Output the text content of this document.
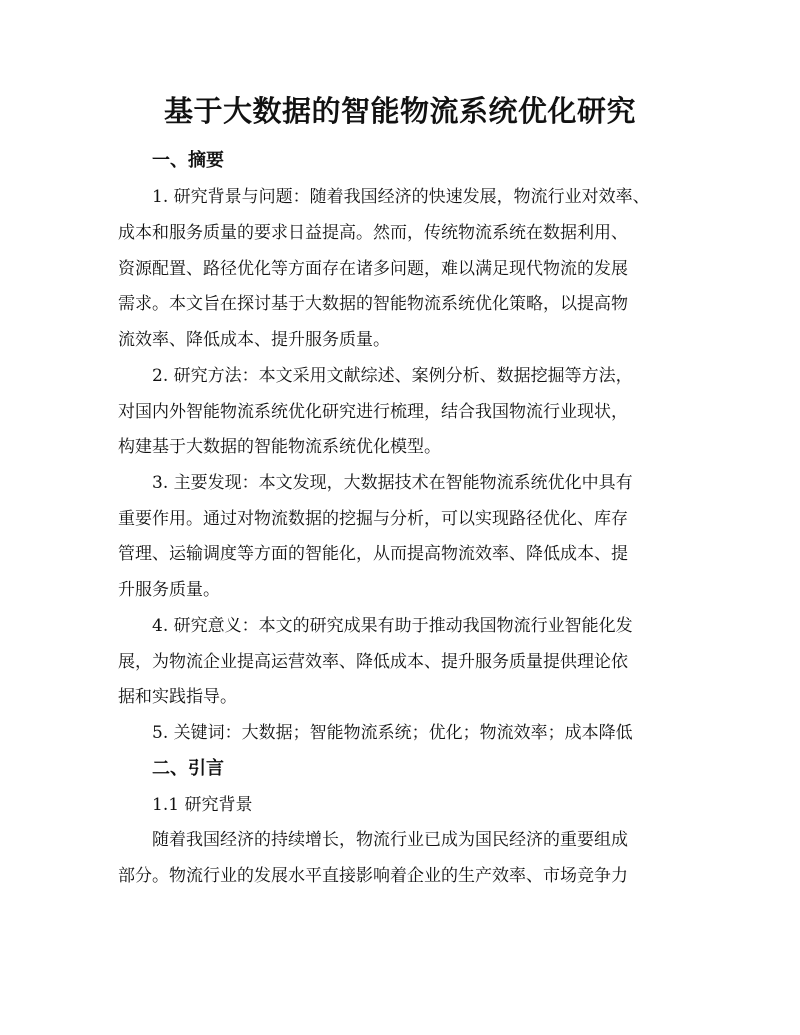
基于大数据的智能物流系统优化研究
一、摘要

1. 研究背景与问题：随着我国经济的快速发展，物流行业对效率、

成本和服务质量的要求日益提高。然而，传统物流系统在数据利用、

资源配置、路径优化等方面存在诸多问题，难以满足现代物流的发展

需求。本文旨在探讨基于大数据的智能物流系统优化策略，以提高物

流效率、降低成本、提升服务质量。

2. 研究方法：本文采用文献综述、案例分析、数据挖掘等方法，

对国内外智能物流系统优化研究进行梳理，结合我国物流行业现状，

构建基于大数据的智能物流系统优化模型。

3. 主要发现：本文发现，大数据技术在智能物流系统优化中具有

重要作用。通过对物流数据的挖掘与分析，可以实现路径优化、库存

管理、运输调度等方面的智能化，从而提高物流效率、降低成本、提

升服务质量。

4. 研究意义：本文的研究成果有助于推动我国物流行业智能化发

展，为物流企业提高运营效率、降低成本、提升服务质量提供理论依

据和实践指导。

5. 关键词：大数据；智能物流系统；优化；物流效率；成本降低

二、引言

1.1 研究背景

随着我国经济的持续增长，物流行业已成为国民经济的重要组成

部分。物流行业的发展水平直接影响着企业的生产效率、市场竞争力
